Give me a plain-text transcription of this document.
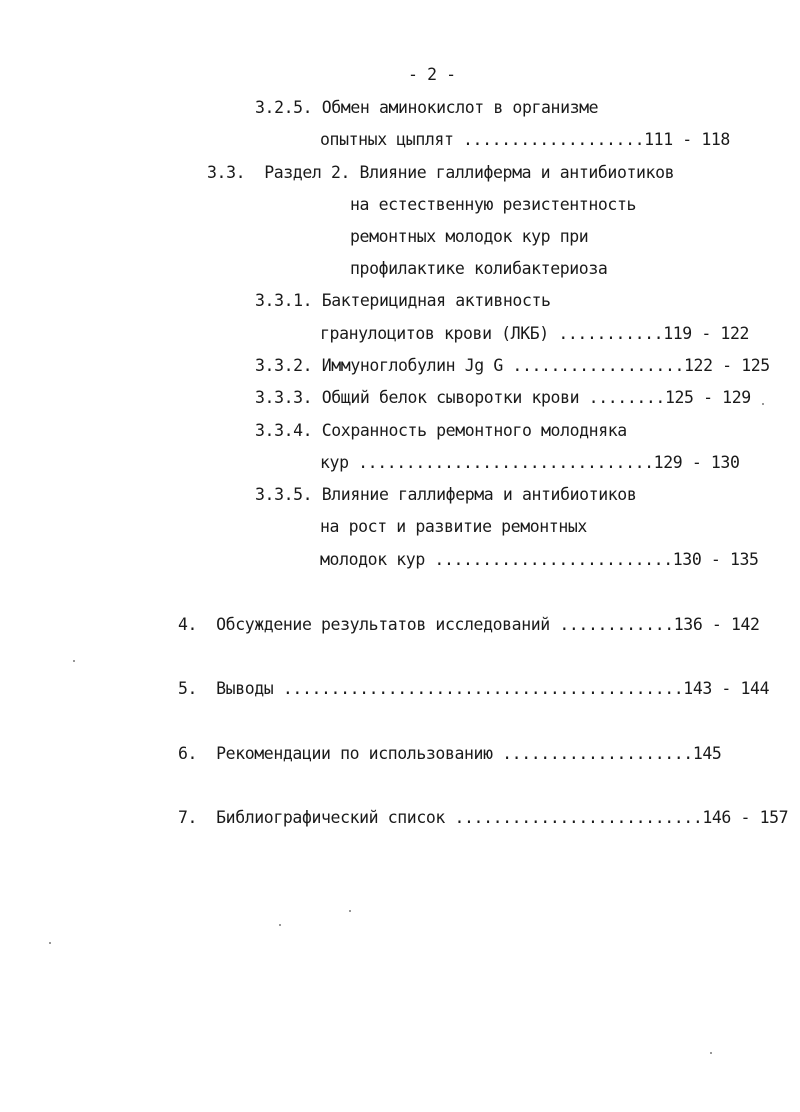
- 2 -
3.2.5. Обмен аминокислот в организме
опытных цыплят ...................111 - 118
3.3.  Раздел 2. Влияние галлиферма и антибиотиков
на естественную резистентность
ремонтных молодок кур при
профилактике колибактериоза
3.3.1. Бактерицидная активность
гранулоцитов крови (ЛКБ) ...........119 - 122
3.3.2. Иммуноглобулин Jg G ..................122 - 125
3.3.3. Общий белок сыворотки крови ........125 - 129
3.3.4. Сохранность ремонтного молодняка
кур ...............................129 - 130
3.3.5. Влияние галлиферма и антибиотиков
на рост и развитие ремонтных
молодок кур .........................130 - 135
4.  Обсуждение результатов исследований ............136 - 142
5.  Выводы ..........................................143 - 144
6.  Рекомендации по использованию ....................145
7.  Библиографический список ..........................146 - 157
